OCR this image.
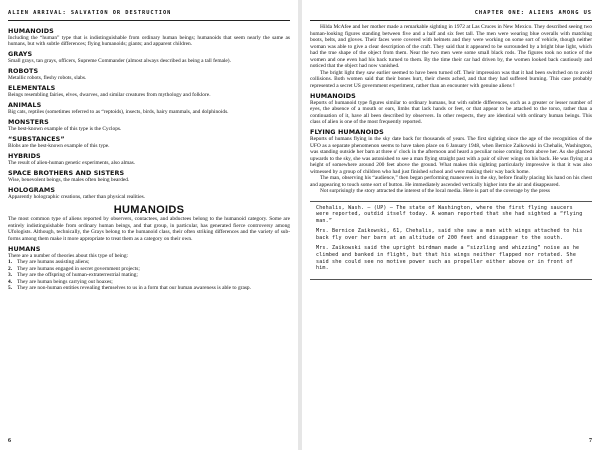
ALIEN ARRIVAL: SALVATION OR DESTRUCTION
HUMANOIDS

Including the “human” type that is indistinguishable from ordinary human beings; humanoids that seem nearly the same as humans, but with subtle differences; flying humanoids; giants; and apparent children.

GRAYS

Small grays, tan grays, officers, Supreme Commander (almost always described as being a tall female).

ROBOTS

Metallic robots, fleshy robots, slabs.

ELEMENTALS

Beings resembling fairies, elves, dwarves, and similar creatures from mythology and folklore.

ANIMALS

Big cats, reptiles (sometimes referred to as “reptoids), insects, birds, hairy mammals, and dolphinoids.

MONSTERS

The best-known example of this type is the Cyclops.

“SUBSTANCES”

Blobs are the best-known example of this type.

HYBRIDS

The result of alien-human genetic experiments, also almas.

SPACE BROTHERS AND SISTERS

Wise, benevolent beings, the males often being bearded.

HOLOGRAMS

Apparently holographic creations, rather than physical realities.

HUMANOIDS

The most common type of aliens reported by observers, contactees, and abductees belong to the humanoid category. Some are entirely indistinguishable from ordinary human beings, and that group, in particular, has generated fierce controversy among Ufologists. Although, technically, the Grays belong to the humanoid class, their often striking differences and the variety of sub-forms among them make it more appropriate to treat them as a category on their own.

HUMANS

There are a number of theories about this type of being:

1. They are humans assisting aliens;
2. They are humans engaged in secret government projects;
3. They are the offspring of human-extraterrestrial mating;
4. They are human beings carrying out hoaxes;
5. They are non-human entities revealing themselves to us in a form that our human awareness is able to grasp.
6
CHAPTER ONE: ALIENS AMONG US

Hilda McAfee and her mother made a remarkable sighting in 1972 at Las Cruces in New Mexico. They described seeing two human-looking figures standing between five and a half and six feet tall. The men were wearing blue overalls with matching boots, belts, and gloves. Their faces were covered with helmets and they were working on some sort of vehicle, though neither woman was able to give a clear description of the craft. They said that it appeared to be surrounded by a bright blue light, which had the true shape of the object from them. Near the two men were some small black rods. The figures took no notice of the women and one even had his back turned to them. By the time their car had driven by, the women looked back cautiously and noticed that the object had now vanished.

The bright light they saw earlier seemed to have been turned off. Their impression was that it had been switched on to avoid collisions. Both women said that their bones hurt, their chests ached, and that they had suffered burning. This case probably represented a secret US government experiment, rather than an encounter with genuine aliens !

HUMANOIDS

Reports of humanoid type figures similar to ordinary humans, but with subtle differences, such as a greater or lesser number of eyes, the absence of a mouth or ears, limbs that lack hands or feet, or that appear to be attached to the torso, rather than a continuation of it, have all been described by observers. In other respects, they are identical with ordinary human beings. This class of alien is one of the most frequently reported.

FLYING HUMANOIDS

Reports of humans flying in the sky date back for thousands of years. The first sighting since the age of the recognition of the UFO as a separate phenomenon seems to have taken place on 6 January 1948, when Bernice Zaikowski in Chehalis, Washington, was standing outside her barn at three o' clock in the afternoon and heard a peculiar noise coming from above her. As she glanced upwards to the sky, she was astonished to see a man flying straight past with a pair of silver wings on his back. He was flying at a height of somewhere around 200 feet above the ground. What makes this sighting particularly impressive is that it was also witnessed by a group of children who had just finished school and were making their way back home.

The man, observing his “audience,” then began performing maneuvers in the sky, before finally placing his hand on his chest and appearing to touch some sort of button. He immediately ascended vertically higher into the air and disappeared.

Not surprisingly the story attracted the interest of the local media. Here is part of the coverage by the press

Chehalis, Wash. – (UP) – The state of Washington, where the first flying saucers were reported, outdid itself today. A woman reported that she had sighted a “flying man.”

Mrs. Bernice Zaikowski, 61, Chehalis, said she saw a man with wings attached to his back fly over her barn at an altitude of 200 feet and disappear to the south.

Mrs. Zaikowski said the upright birdman made a “sizzling and whizzing” noise as he climbed and banked in flight, but that his wings neither flapped nor rotated. She said she could see no motive power such as propeller either above or in front of him.

7
